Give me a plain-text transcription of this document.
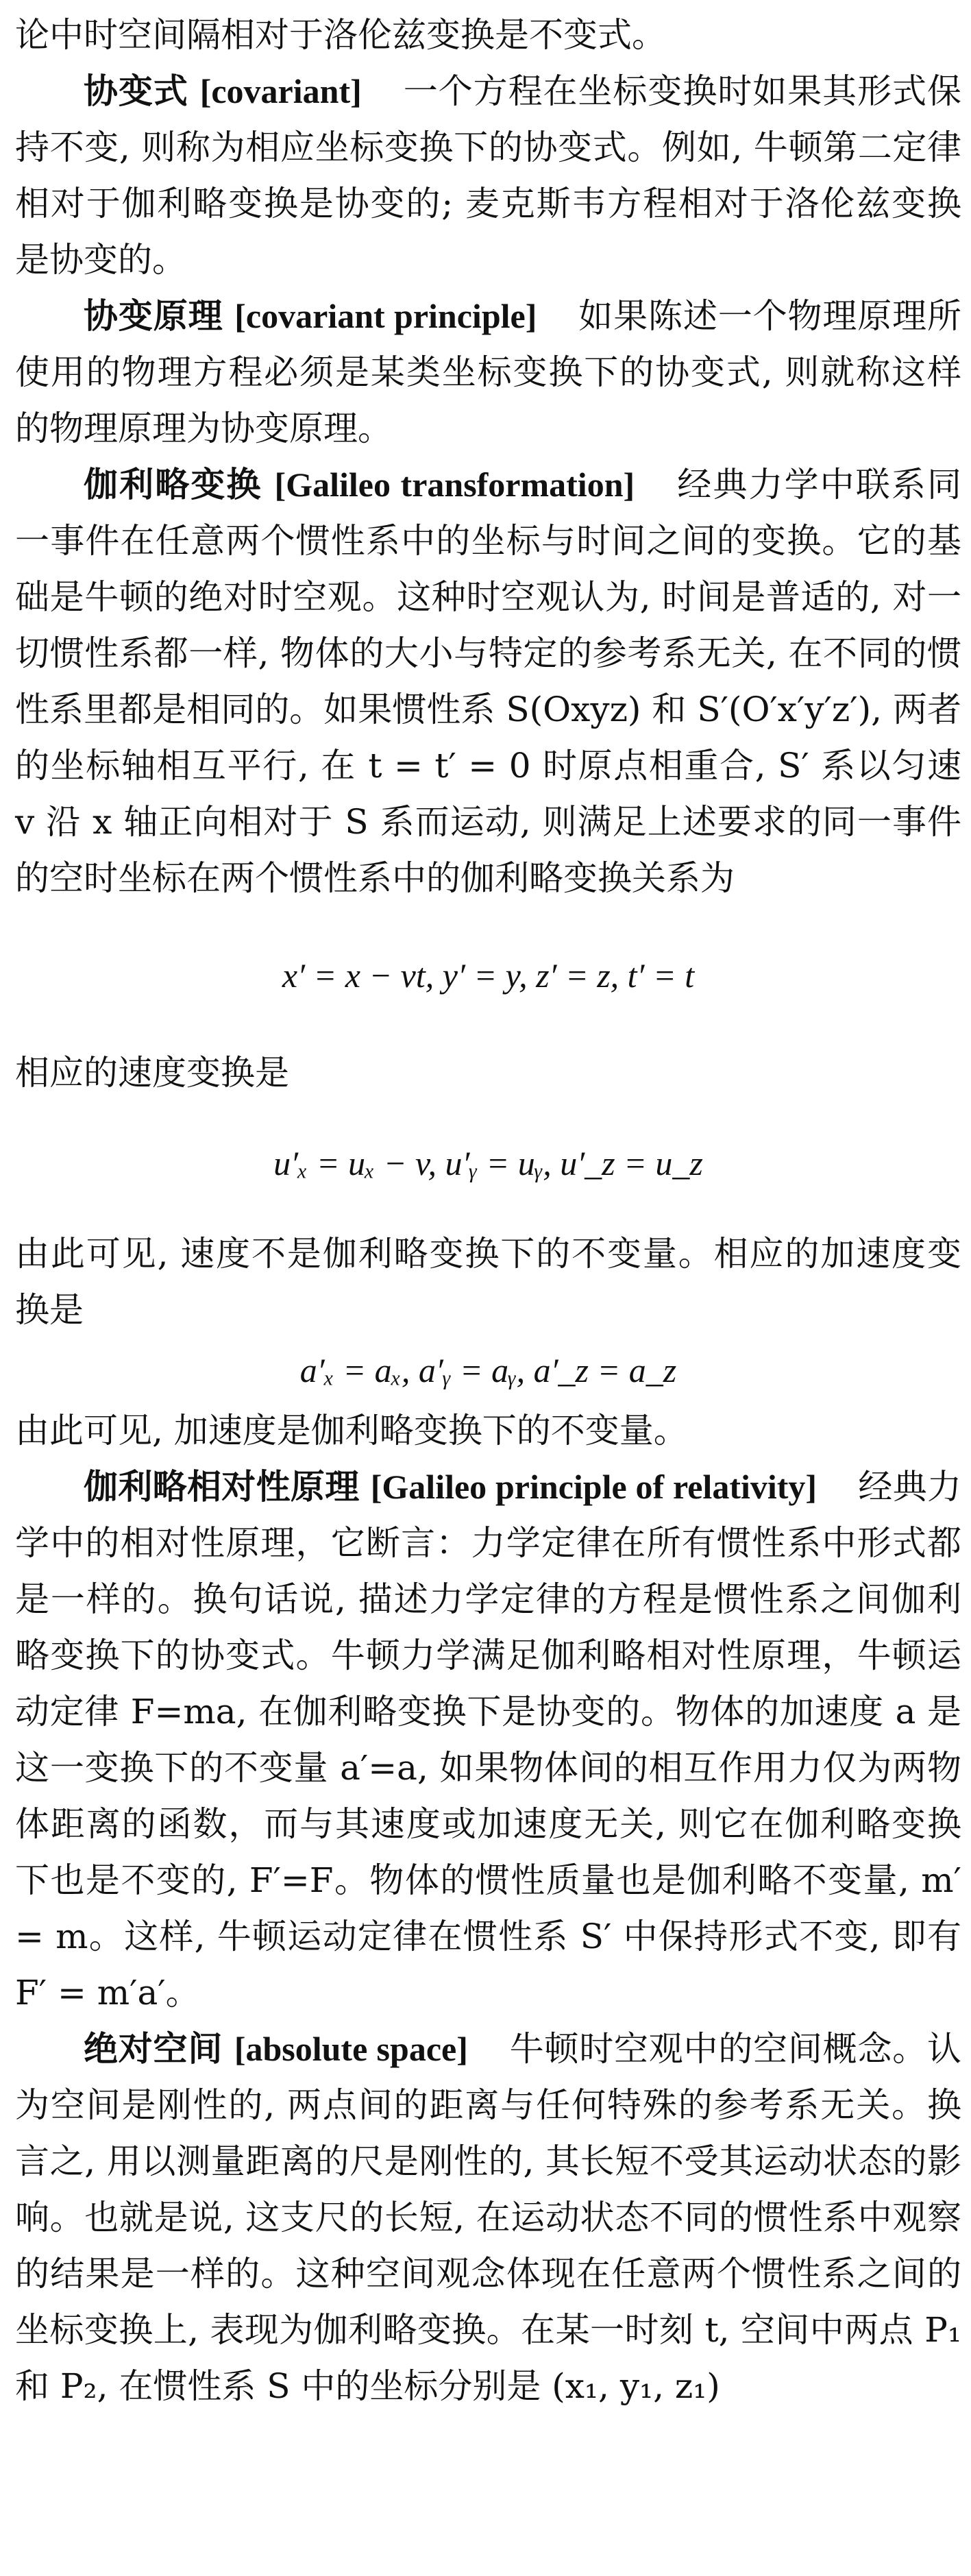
论中时空间隔相对于洛伦兹变换是不变式。

协变式 [covariant] 一个方程在坐标变换时如果其形式保持不变, 则称为相应坐标变换下的协变式。例如, 牛顿第二定律相对于伽利略变换是协变的; 麦克斯韦方程相对于洛伦兹变换是协变的。

协变原理 [covariant principle] 如果陈述一个物理原理所使用的物理方程必须是某类坐标变换下的协变式, 则就称这样的物理原理为协变原理。

伽利略变换 [Galileo transformation] 经典力学中联系同一事件在任意两个惯性系中的坐标与时间之间的变换。它的基础是牛顿的绝对时空观。这种时空观认为, 时间是普适的, 对一切惯性系都一样, 物体的大小与特定的参考系无关, 在不同的惯性系里都是相同的。如果惯性系 S(Oxyz) 和 S′(O′x′y′z′), 两者的坐标轴相互平行, 在 t = t′ = 0 时原点相重合, S′ 系以匀速 v 沿 x 轴正向相对于 S 系而运动, 则满足上述要求的同一事件的空时坐标在两个惯性系中的伽利略变换关系为

x′ = x − vt, y′ = y, z′ = z, t′ = t

相应的速度变换是

u′ₓ = uₓ − v, u′ᵧ = uᵧ, u′_z = u_z

由此可见, 速度不是伽利略变换下的不变量。相应的加速度变换是

a′ₓ = aₓ, a′ᵧ = aᵧ, a′_z = a_z

由此可见, 加速度是伽利略变换下的不变量。

伽利略相对性原理 [Galileo principle of relativity] 经典力学中的相对性原理，它断言：力学定律在所有惯性系中形式都是一样的。换句话说, 描述力学定律的方程是惯性系之间伽利略变换下的协变式。牛顿力学满足伽利略相对性原理，牛顿运动定律 F=ma, 在伽利略变换下是协变的。物体的加速度 a 是这一变换下的不变量 a′=a, 如果物体间的相互作用力仅为两物体距离的函数，而与其速度或加速度无关, 则它在伽利略变换下也是不变的, F′=F。物体的惯性质量也是伽利略不变量, m′ = m。这样, 牛顿运动定律在惯性系 S′ 中保持形式不变, 即有 F′ = m′a′。

绝对空间 [absolute space] 牛顿时空观中的空间概念。认为空间是刚性的, 两点间的距离与任何特殊的参考系无关。换言之, 用以测量距离的尺是刚性的, 其长短不受其运动状态的影响。也就是说, 这支尺的长短, 在运动状态不同的惯性系中观察的结果是一样的。这种空间观念体现在任意两个惯性系之间的坐标变换上, 表现为伽利略变换。在某一时刻 t, 空间中两点 P₁ 和 P₂, 在惯性系 S 中的坐标分别是 (x₁, y₁, z₁)
